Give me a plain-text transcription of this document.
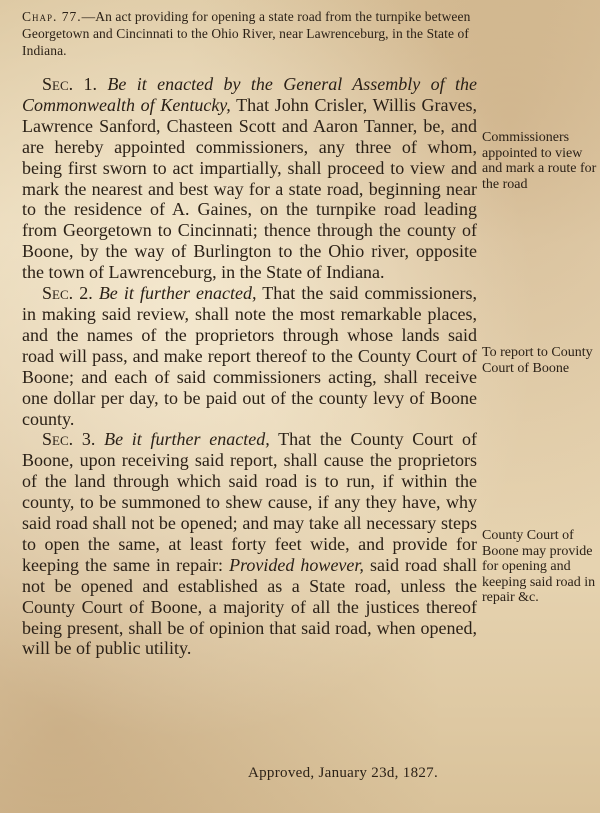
Chap. 77.—An act providing for opening a state road from the turnpike between Georgetown and Cincinnati to the Ohio River, near Lawrenceburg, in the State of Indiana.

Sec. 1. Be it enacted by the General Assembly of the Commonwealth of Kentucky, That John Crisler, Willis Graves, Lawrence Sanford, Chasteen Scott and Aaron Tanner, be, and are hereby appointed commissioners, any three of whom, being first sworn to act impartially, shall proceed to view and mark the nearest and best way for a state road, beginning near to the residence of A. Gaines, on the turnpike road leading from Georgetown to Cincinnati; thence through the county of Boone, by the way of Burlington to the Ohio river, opposite the town of Lawrenceburg, in the State of Indiana.

Sec. 2. Be it further enacted, That the said commissioners, in making said review, shall note the most remarkable places, and the names of the proprietors through whose lands said road will pass, and make report thereof to the County Court of Boone; and each of said commissioners acting, shall receive one dollar per day, to be paid out of the county levy of Boone county.

Sec. 3. Be it further enacted, That the County Court of Boone, upon receiving said report, shall cause the proprietors of the land through which said road is to run, if within the county, to be summoned to shew cause, if any they have, why said road shall not be opened; and may take all necessary steps to open the same, at least forty feet wide, and provide for keeping the same in repair: Provided however, said road shall not be opened and established as a State road, unless the County Court of Boone, a majority of all the justices thereof being present, shall be of opinion that said road, when opened, will be of public utility.

Commissioners appointed to view and mark a route for the road
To report to County Court of Boone
County Court of Boone may provide for opening and keeping said road in repair &c.
Approved, January 23d, 1827.
